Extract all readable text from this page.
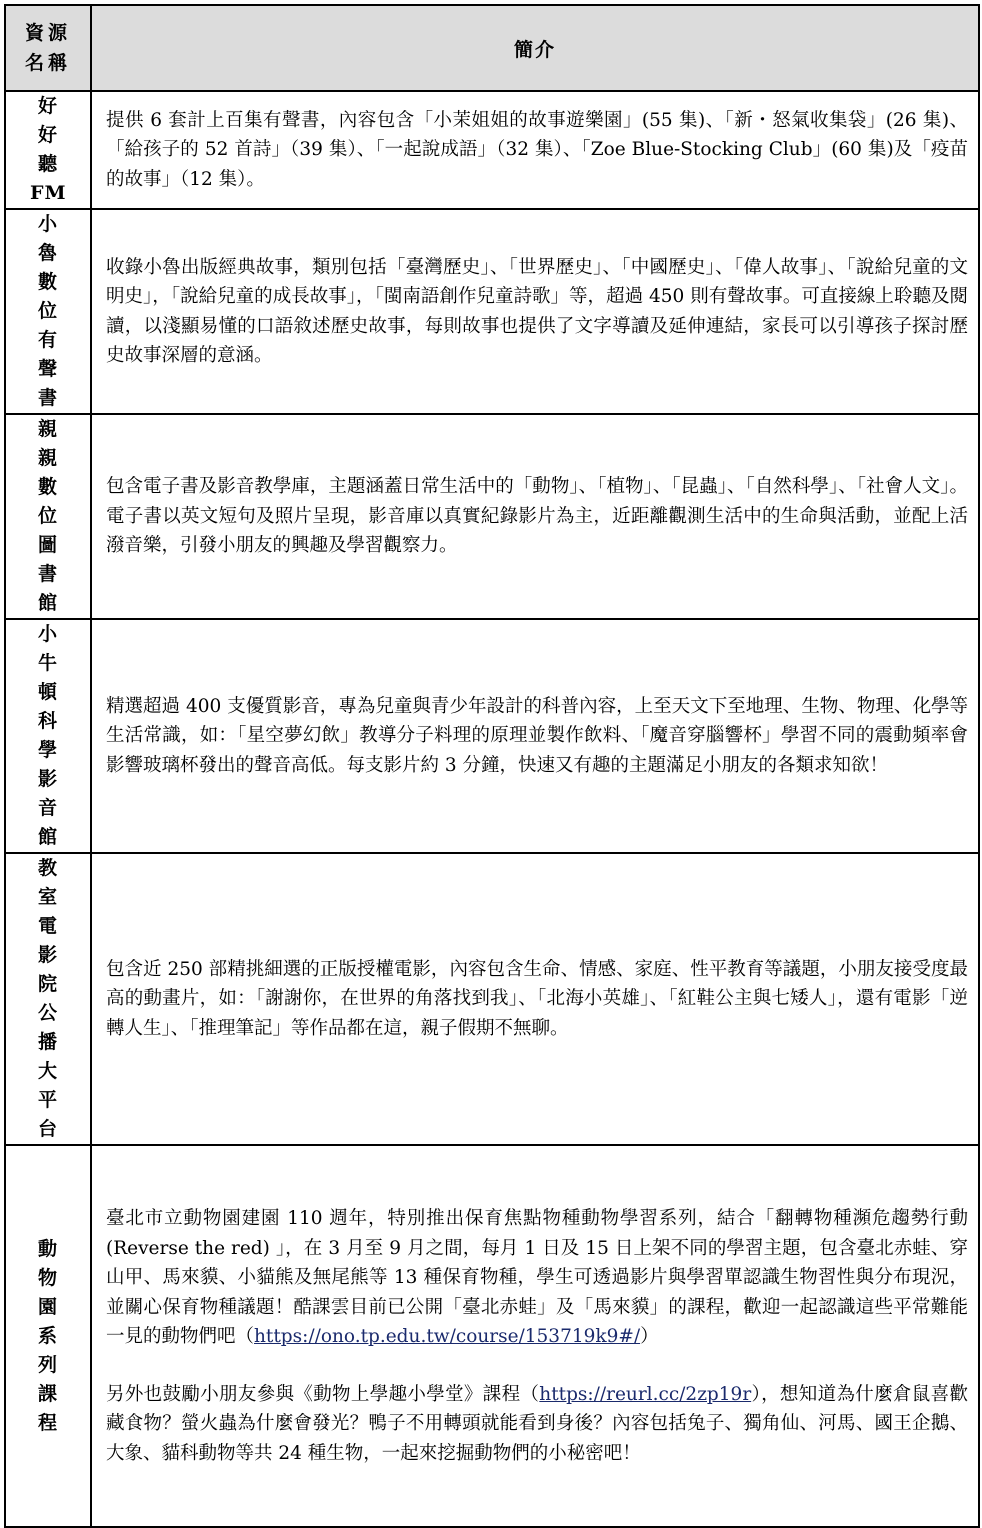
資源名稱	簡介
好好聽 FM	提供 6 套計上百集有聲書，內容包含「小茉姐姐的故事遊樂園」(55 集)、「新・怒氣收集袋」(26 集)、「給孩子的 52 首詩」（39 集）、「一起說成語」（32 集）、「Zoe Blue-Stocking Club」(60 集)及「疫苗的故事」（12 集）。
小魯數位有聲書	收錄小魯出版經典故事，類別包括「臺灣歷史」、「世界歷史」、「中國歷史」、「偉人故事」、「說給兒童的文明史」，「說給兒童的成長故事」，「閩南語創作兒童詩歌」等，超過 450 則有聲故事。可直接線上聆聽及閱讀，以淺顯易懂的口語敘述歷史故事，每則故事也提供了文字導讀及延伸連結，家長可以引導孩子探討歷史故事深層的意涵。
親親數位圖書館	包含電子書及影音教學庫，主題涵蓋日常生活中的「動物」、「植物」、「昆蟲」、「自然科學」、「社會人文」。電子書以英文短句及照片呈現，影音庫以真實紀錄影片為主，近距離觀測生活中的生命與活動，並配上活潑音樂，引發小朋友的興趣及學習觀察力。
小牛頓科學影音館	精選超過 400 支優質影音，專為兒童與青少年設計的科普內容，上至天文下至地理、生物、物理、化學等生活常識，如：「星空夢幻飲」教導分子料理的原理並製作飲料、「魔音穿腦響杯」學習不同的震動頻率會影響玻璃杯發出的聲音高低。每支影片約 3 分鐘，快速又有趣的主題滿足小朋友的各類求知欲！
教室電影院公播大平台	包含近 250 部精挑細選的正版授權電影，內容包含生命、情感、家庭、性平教育等議題，小朋友接受度最高的動畫片，如：「謝謝你，在世界的角落找到我」、「北海小英雄」、「紅鞋公主與七矮人」，還有電影「逆轉人生」、「推理筆記」等作品都在這，親子假期不無聊。
動物園系列課程	臺北市立動物園建園 110 週年，特別推出保育焦點物種動物學習系列，結合「翻轉物種瀕危趨勢行動 (Reverse the red) 」，在 3 月至 9 月之間，每月 1 日及 15 日上架不同的學習主題，包含臺北赤蛙、穿山甲、馬來貘、小貓熊及無尾熊等 13 種保育物種，學生可透過影片與學習單認識生物習性與分布現況，並關心保育物種議題！酷課雲目前已公開「臺北赤蛙」及「馬來貘」的課程，歡迎一起認識這些平常難能一見的動物們吧（https://ono.tp.edu.tw/course/153719k9#/）

另外也鼓勵小朋友參與《動物上學趣小學堂》課程（https://reurl.cc/2zp19r），想知道為什麼倉鼠喜歡藏食物？螢火蟲為什麼會發光？鴨子不用轉頭就能看到身後？內容包括兔子、獨角仙、河馬、國王企鵝、大象、貓科動物等共 24 種生物，一起來挖掘動物們的小秘密吧！
